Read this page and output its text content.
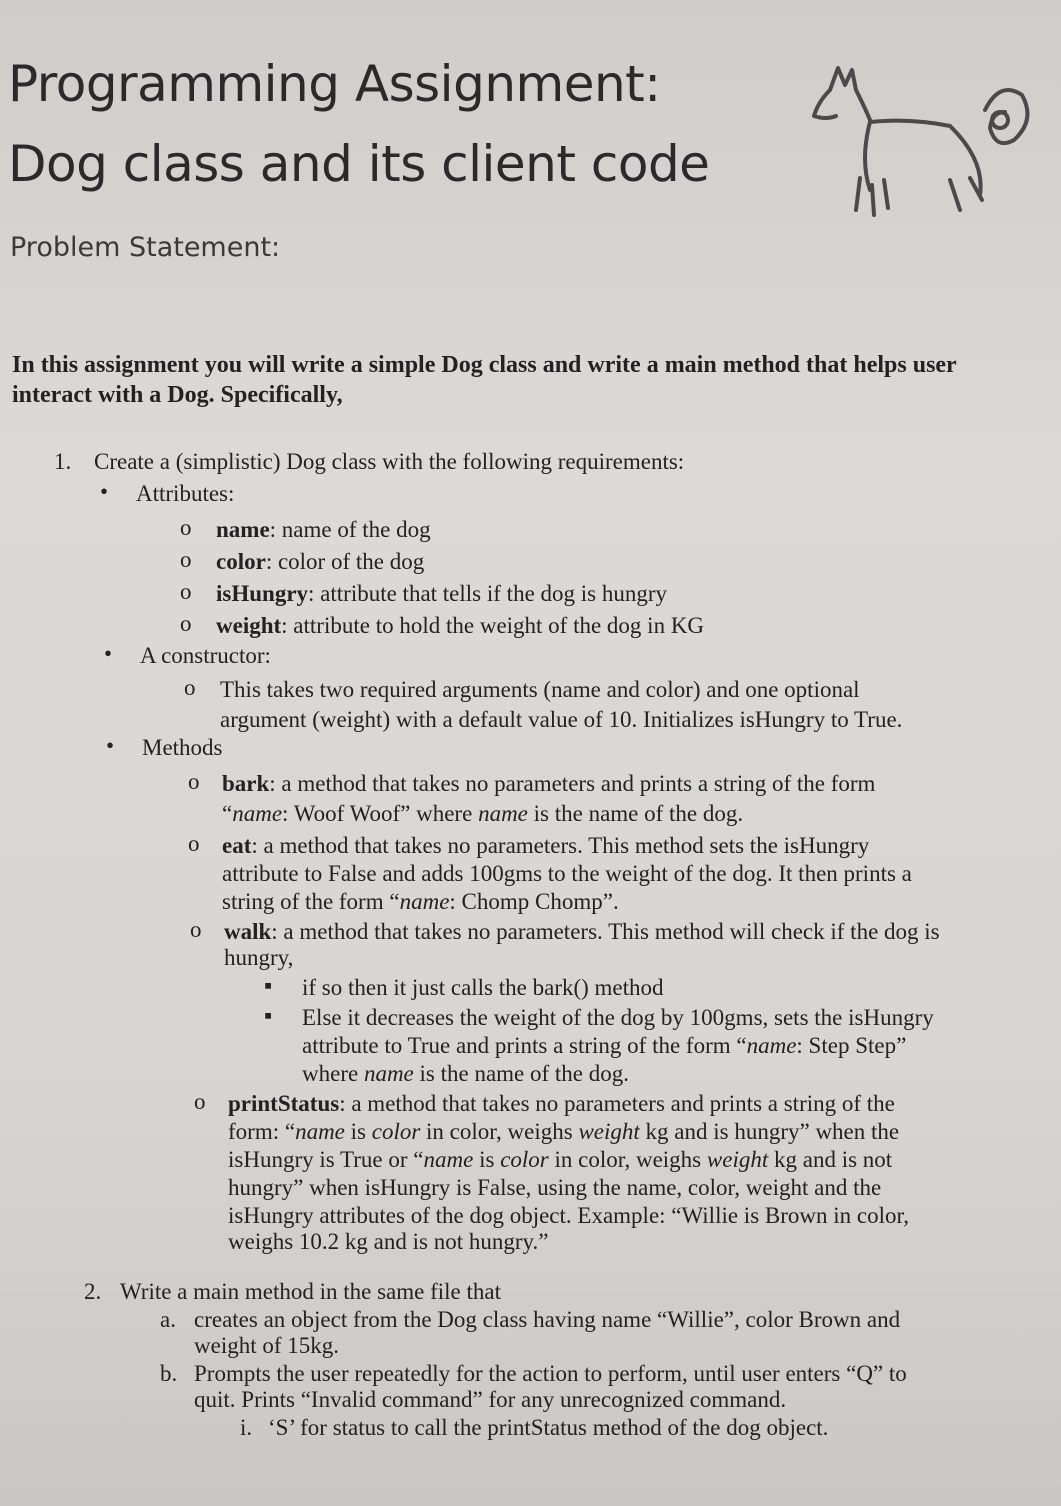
Programming Assignment:
Dog class and its client code
Problem Statement:
In this assignment you will write a simple Dog class and write a main method that helps user interact with a Dog. Specifically,
1. Create a (simplistic) Dog class with the following requirements:
• Attributes:
o name: name of the dog
o color: color of the dog
o isHungry: attribute that tells if the dog is hungry
o weight: attribute to hold the weight of the dog in KG
• A constructor:
o This takes two required arguments (name and color) and one optional
argument (weight) with a default value of 10. Initializes isHungry to True.
• Methods
o bark: a method that takes no parameters and prints a string of the form
“name: Woof Woof” where name is the name of the dog.
o eat: a method that takes no parameters. This method sets the isHungry
attribute to False and adds 100gms to the weight of the dog. It then prints a
string of the form “name: Chomp Chomp”.
o walk: a method that takes no parameters. This method will check if the dog is
hungry,
▪ if so then it just calls the bark() method
▪ Else it decreases the weight of the dog by 100gms, sets the isHungry
attribute to True and prints a string of the form “name: Step Step”
where name is the name of the dog.
o printStatus: a method that takes no parameters and prints a string of the
form: “name is color in color, weighs weight kg and is hungry” when the
isHungry is True or “name is color in color, weighs weight kg and is not
hungry” when isHungry is False, using the name, color, weight and the
isHungry attributes of the dog object. Example: “Willie is Brown in color,
weighs 10.2 kg and is not hungry.”
2. Write a main method in the same file that
a. creates an object from the Dog class having name “Willie”, color Brown and
weight of 15kg.
b. Prompts the user repeatedly for the action to perform, until user enters “Q” to
quit. Prints “Invalid command” for any unrecognized command.
i. ‘S’ for status to call the printStatus method of the dog object.
